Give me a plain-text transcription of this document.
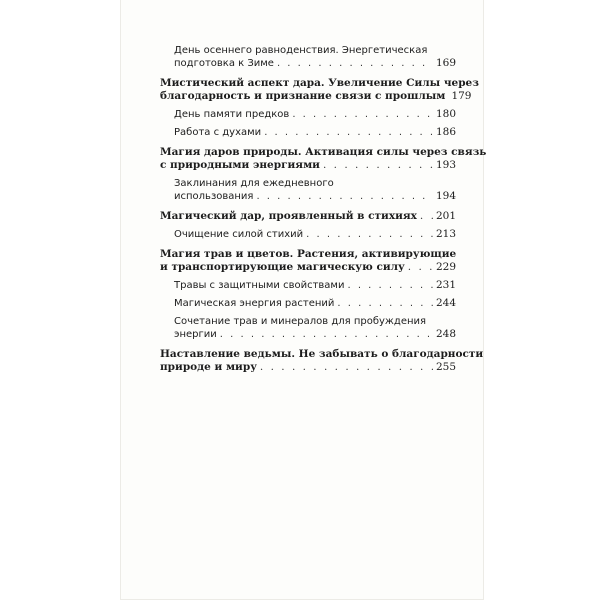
День осеннего равноденствия. Энергетическая
подготовка к Зиме . . .	169
Мистический аспект дара. Увеличение Силы через
благодарность и признание связи с прошлым 179
День памяти предков . . .	180
Работа с духами . . .	186
Магия даров природы. Активация силы через связь
с природными энергиями . . .	193
Заклинания для ежедневного
использования . . .	194
Магический дар, проявленный в стихиях . . . 201
Очищение силой стихий . . .	213
Магия трав и цветов. Растения, активирующие
и транспортирующие магическую силу . . .	229
Травы с защитными свойствами . . .	231
Магическая энергия растений . . .	244
Сочетание трав и минералов для пробуждения
энергии . . .	248
Наставление ведьмы. Не забывать о благодарности
природе и миру . . .	255
